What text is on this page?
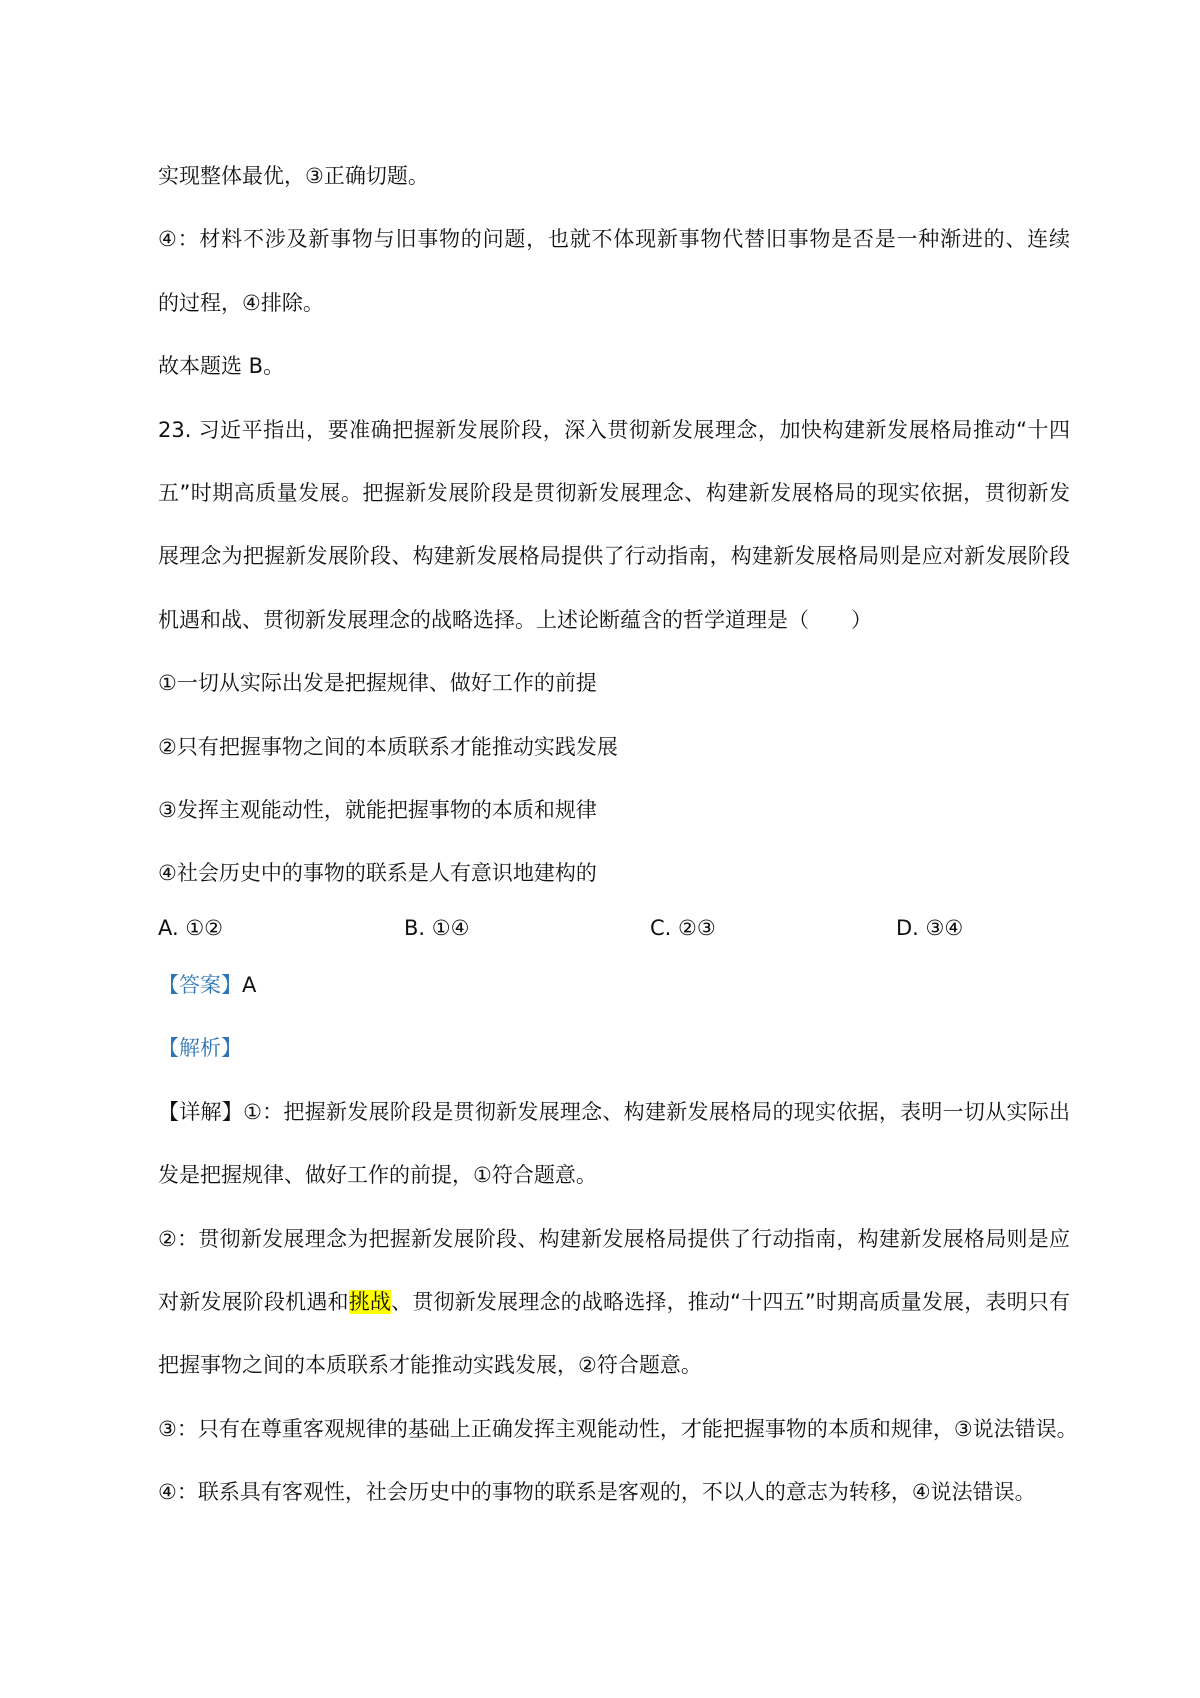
实现整体最优，③正确切题。
④：材料不涉及新事物与旧事物的问题，也就不体现新事物代替旧事物是否是一种渐进的、连续
的过程，④排除。
故本题选 B。
23. 习近平指出，要准确把握新发展阶段，深入贯彻新发展理念，加快构建新发展格局推动“十四
五”时期高质量发展。把握新发展阶段是贯彻新发展理念、构建新发展格局的现实依据，贯彻新发
展理念为把握新发展阶段、构建新发展格局提供了行动指南，构建新发展格局则是应对新发展阶段
机遇和战、贯彻新发展理念的战略选择。上述论断蕴含的哲学道理是（　　）
①一切从实际出发是把握规律、做好工作的前提
②只有把握事物之间的本质联系才能推动实践发展
③发挥主观能动性，就能把握事物的本质和规律
④社会历史中的事物的联系是人有意识地建构的
A. ①②	B. ①④	C. ②③	D. ③④
【答案】A
【解析】
【详解】①：把握新发展阶段是贯彻新发展理念、构建新发展格局的现实依据，表明一切从实际出
发是把握规律、做好工作的前提，①符合题意。
②：贯彻新发展理念为把握新发展阶段、构建新发展格局提供了行动指南，构建新发展格局则是应
对新发展阶段机遇和挑战、贯彻新发展理念的战略选择，推动“十四五”时期高质量发展，表明只有
把握事物之间的本质联系才能推动实践发展，②符合题意。
③：只有在尊重客观规律的基础上正确发挥主观能动性，才能把握事物的本质和规律，③说法错误。
④：联系具有客观性，社会历史中的事物的联系是客观的，不以人的意志为转移，④说法错误。
